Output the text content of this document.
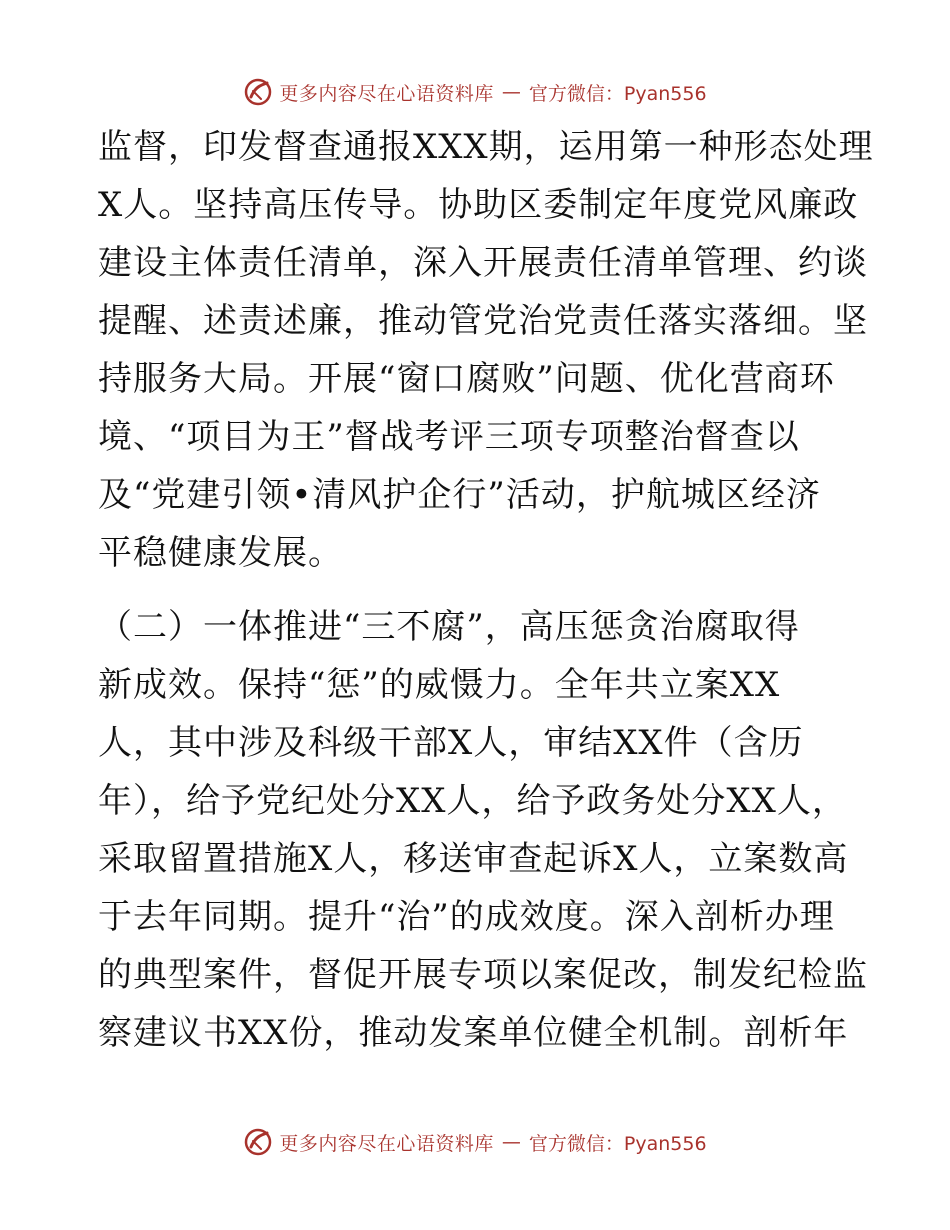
更多内容尽在心语资料库 — 官方微信：Pyan556
监督，印发督查通报XXX期，运用第一种形态处理
X人。坚持高压传导。协助区委制定年度党风廉政
建设主体责任清单，深入开展责任清单管理、约谈
提醒、述责述廉，推动管党治党责任落实落细。坚
持服务大局。开展“窗口腐败”问题、优化营商环
境、“项目为王”督战考评三项专项整治督查以
及“党建引领•清风护企行”活动，护航城区经济
平稳健康发展。
（二）一体推进“三不腐”，高压惩贪治腐取得
新成效。保持“惩”的威慑力。全年共立案XX
人，其中涉及科级干部X人，审结XX件（含历
年），给予党纪处分XX人，给予政务处分XX人，
采取留置措施X人，移送审查起诉X人，立案数高
于去年同期。提升“治”的成效度。深入剖析办理
的典型案件，督促开展专项以案促改，制发纪检监
察建议书XX份，推动发案单位健全机制。剖析年
更多内容尽在心语资料库 — 官方微信：Pyan556
